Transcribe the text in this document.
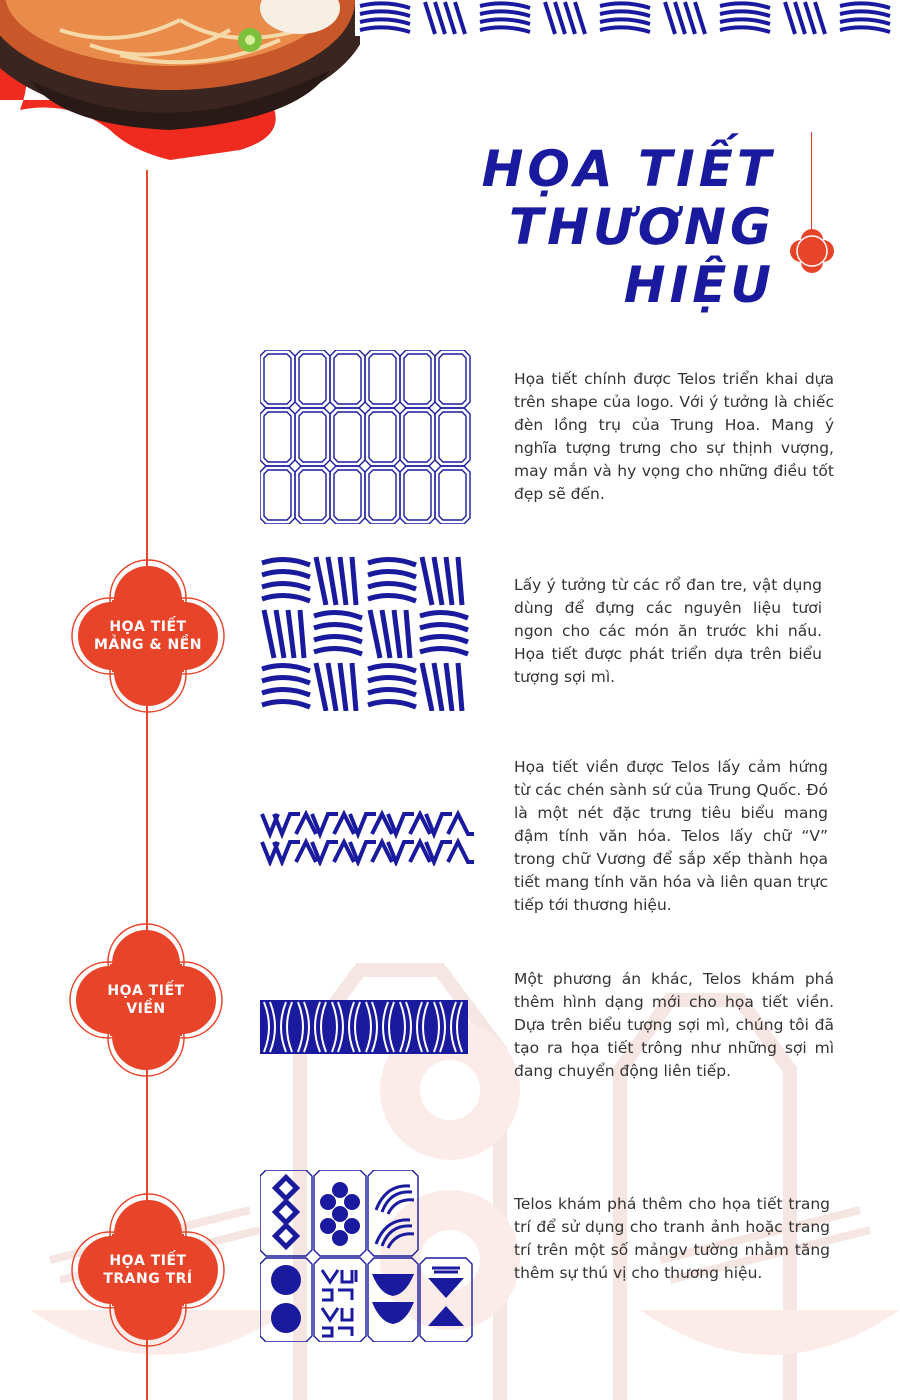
HỌA TIẾT
THƯƠNG HIỆU
HỌA TIẾT
MẢNG & NỀN
HỌA TIẾT
VIỀN
HỌA TIẾT
TRANG TRÍ

Họa tiết chính được Telos triển khai dựa trên shape của logo. Với ý tưởng là chiếc đèn lồng trụ của Trung Hoa. Mang ý nghĩa tượng trưng cho sự thịnh vượng, may mắn và hy vọng cho những điều tốt đẹp sẽ đến.

Lấy ý tưởng từ các rổ đan tre, vật dụng dùng để đựng các nguyên liệu tươi ngon cho các món ăn trước khi nấu. Họa tiết được phát triển dựa trên biểu tượng sợi mì.

Họa tiết viền được Telos lấy cảm hứng từ các chén sành sứ của Trung Quốc. Đó là một nét đặc trưng tiêu biểu mang đậm tính văn hóa. Telos lấy chữ “V” trong chữ Vương để sắp xếp thành họa tiết mang tính văn hóa và liên quan trực tiếp tới thương hiệu.

Một phương án khác, Telos khám phá thêm hình dạng mới cho họa tiết viền. Dựa trên biểu tượng sợi mì, chúng tôi đã tạo ra họa tiết trông như những sợi mì đang chuyển động liên tiếp.

Telos khám phá thêm cho họa tiết trang trí để sử dụng cho tranh ảnh hoặc trang trí trên một số mảngv tường nhằm tăng thêm sự thú vị cho thương hiệu.
